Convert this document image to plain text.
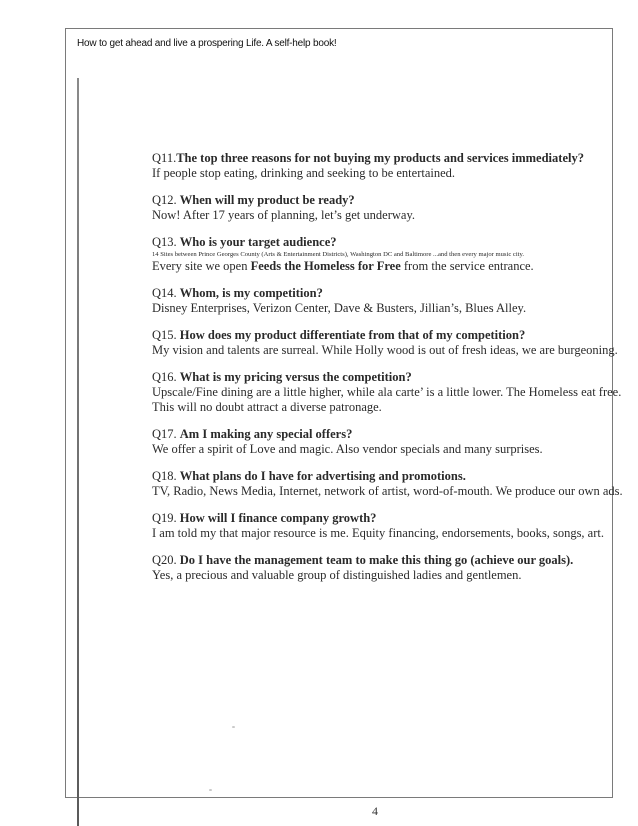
How to get ahead and live a prospering Life. A self-help book!
Q11.The top three reasons for not buying my products and services immediately?
If people stop eating, drinking and seeking to be entertained.
Q12. When will my product be ready?
Now! After 17 years of planning, let’s get underway.
Q13. Who is your target audience?
14 Sites between Prince Georges County (Arts & Entertainment Districts), Washington DC and Baltimore ...and then every major music city.
Every site we open Feeds the Homeless for Free from the service entrance.
Q14. Whom, is my competition?
Disney Enterprises, Verizon Center, Dave & Busters, Jillian’s, Blues Alley.
Q15. How does my product differentiate from that of my competition?
My vision and talents are surreal. While Holly wood is out of fresh ideas, we are burgeoning.
Q16. What is my pricing versus the competition?
Upscale/Fine dining are a little higher, while ala carte’ is a little lower. The Homeless eat free.
This will no doubt attract a diverse patronage.
Q17. Am I making any special offers?
We offer a spirit of Love and magic. Also vendor specials and many surprises.
Q18. What plans do I have for advertising and promotions.
TV, Radio, News Media, Internet, network of artist, word-of-mouth. We produce our own ads.
Q19. How will I finance company growth?
I am told my that major resource is me. Equity financing, endorsements, books, songs, art.
Q20. Do I have the management team to make this thing go (achieve our goals).
Yes, a precious and valuable group of distinguished ladies and gentlemen.
4
